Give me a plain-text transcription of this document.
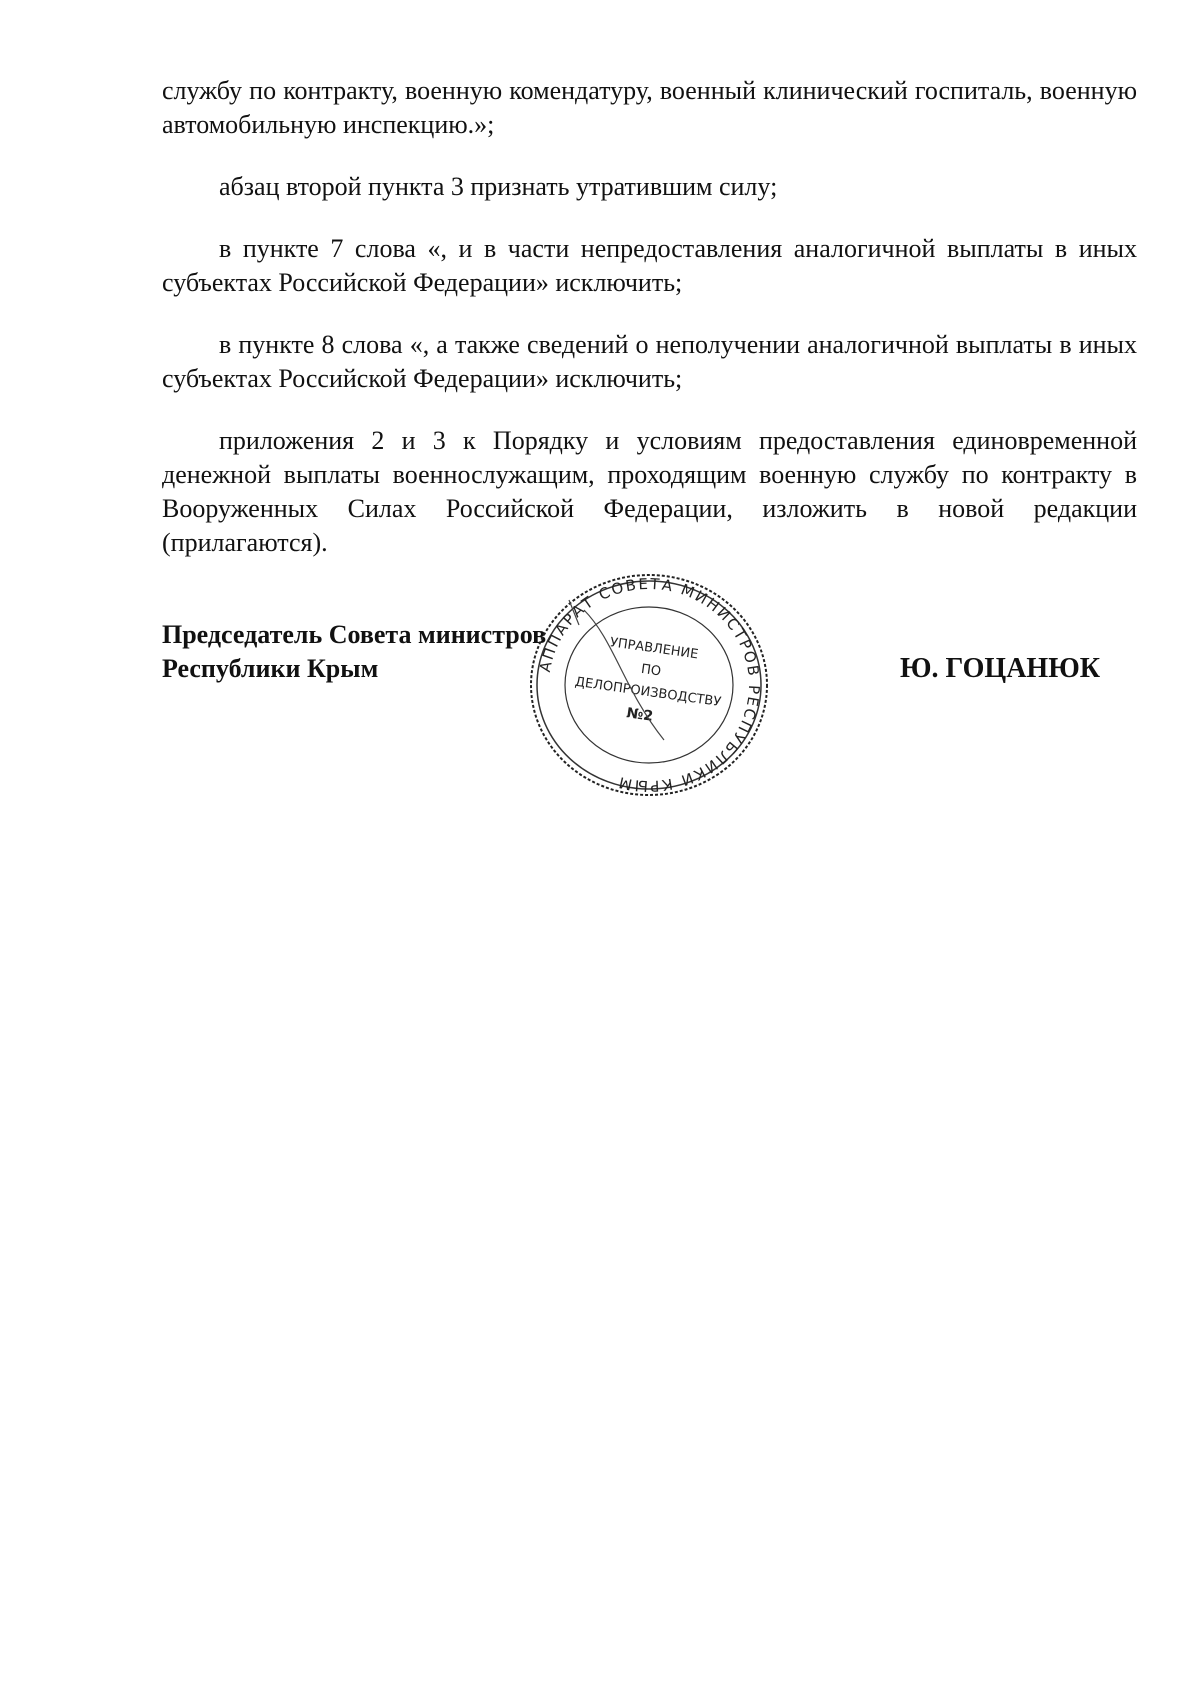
службу по контракту, военную комендатуру, военный клинический госпиталь, военную автомобильную инспекцию.»;

абзац второй пункта 3 признать утратившим силу;

в пункте 7 слова «, и в части непредоставления аналогичной выплаты в иных субъектах Российской Федерации» исключить;

в пункте 8 слова «, а также сведений о неполучении аналогичной выплаты в иных субъектах Российской Федерации» исключить;

приложения 2 и 3 к Порядку и условиям предоставления единовременной денежной выплаты военнослужащим, проходящим военную службу по контракту в Вооруженных Силах Российской Федерации, изложить в новой редакции (прилагаются).

Председатель Совета министров
Республики Крым	Ю. ГОЦАНЮК
АППАРАТ СОВЕТА МИНИСТРОВ РЕСПУБЛИКИ КРЫМ
УПРАВЛЕНИЕ
ПО
ДЕЛОПРОИЗВОДСТВУ
№2
